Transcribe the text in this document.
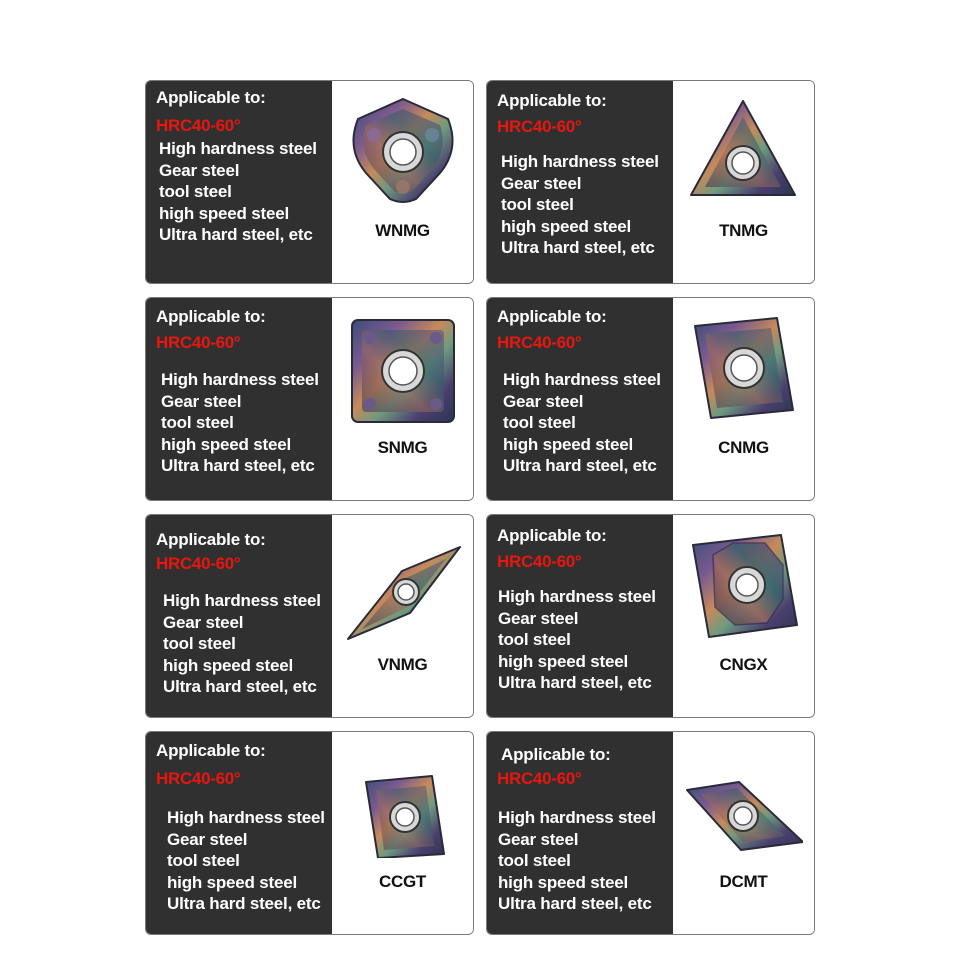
Applicable to:
HRC40-60°
High hardness steel
Gear steel
tool steel
high speed steel
Ultra hard steel, etc	WNMG
Applicable to:
HRC40-60°
High hardness steel
Gear steel
tool steel
high speed steel
Ultra hard steel, etc
TNMG
Applicable to:
HRC40-60°
High hardness steel
Gear steel
tool steel
high speed steel
Ultra hard steel, etc
SNMG
Applicable to:
HRC40-60°
High hardness steel
Gear steel
tool steel
high speed steel
Ultra hard steel, etc
CNMG
Applicable to:
HRC40-60°
High hardness steel
Gear steel
tool steel
high speed steel
Ultra hard steel, etc
VNMG
Applicable to:
HRC40-60°
High hardness steel
Gear steel
tool steel
high speed steel
Ultra hard steel, etc
CNGX
Applicable to:
HRC40-60°
High hardness steel
Gear steel
tool steel
high speed steel
Ultra hard steel, etc
CCGT
Applicable to:
HRC40-60°
High hardness steel
Gear steel
tool steel
high speed steel
Ultra hard steel, etc
DCMT
